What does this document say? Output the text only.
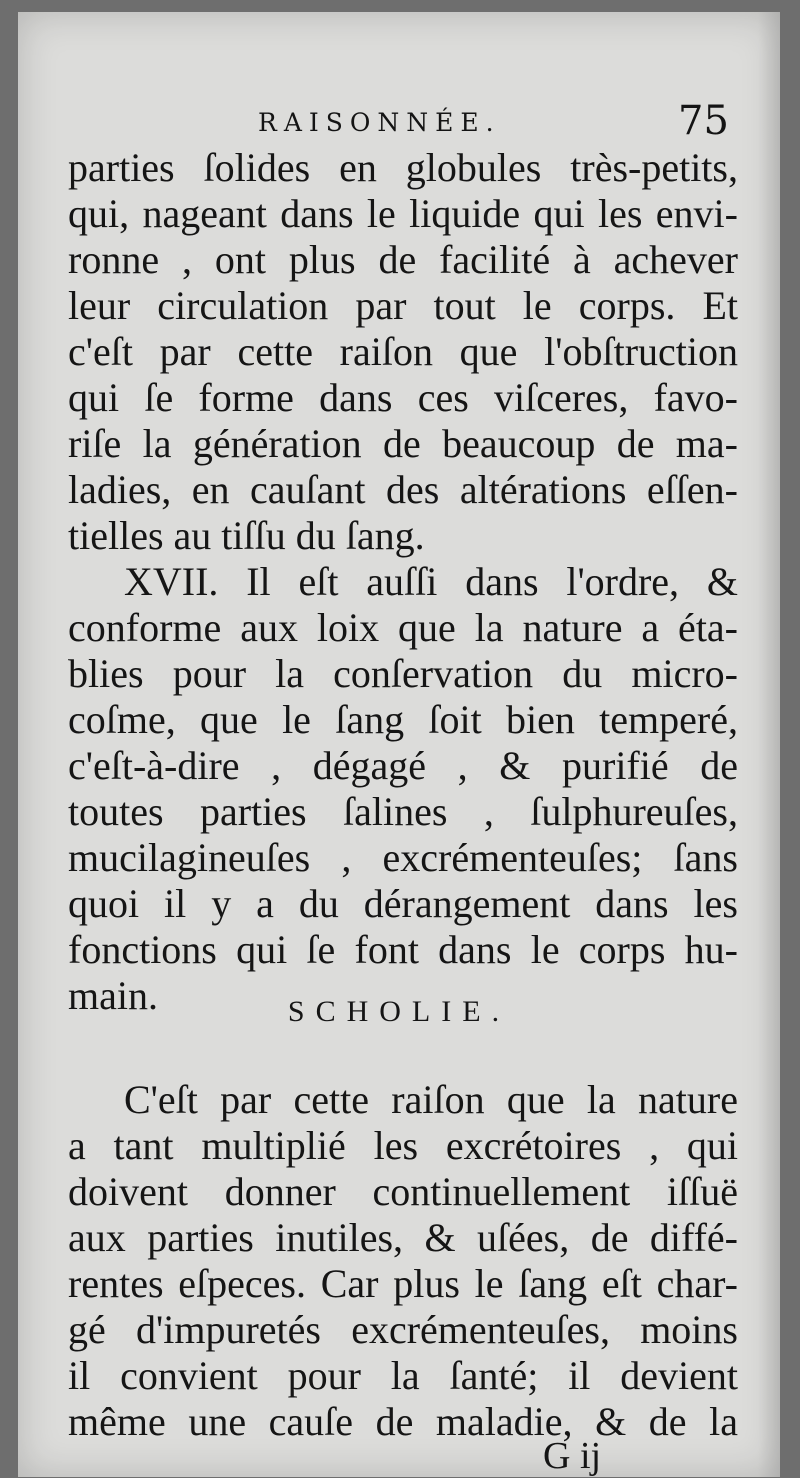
RAISONNÉE.	75
parties ſolides en globules très-petits,
qui, nageant dans le liquide qui les envi-
ronne , ont plus de facilité à achever
leur circulation par tout le corps. Et
c'eſt par cette raiſon que l'obſtruction
qui ſe forme dans ces viſceres, favo-
riſe la génération de beaucoup de ma-
ladies, en cauſant des altérations eſſen-
tielles au tiſſu du ſang.
XVII. Il eſt auſſi dans l'ordre, &
conforme aux loix que la nature a éta-
blies pour la conſervation du micro-
coſme, que le ſang ſoit bien temperé,
c'eſt-à-dire , dégagé , & purifié de
toutes parties ſalines , ſulphureuſes,
mucilagineuſes , excrémenteuſes; ſans
quoi il y a du dérangement dans les
fonctions qui ſe font dans le corps hu-
main.	SCHOLIE.
C'eſt par cette raiſon que la nature
a tant multiplié les excrétoires , qui
doivent donner continuellement iſſuë
aux parties inutiles, & uſées, de diffé-
rentes eſpeces. Car plus le ſang eſt char-
gé d'impuretés excrémenteuſes, moins
il convient pour la ſanté; il devient
même une cauſe de maladie, & de la
G ij
